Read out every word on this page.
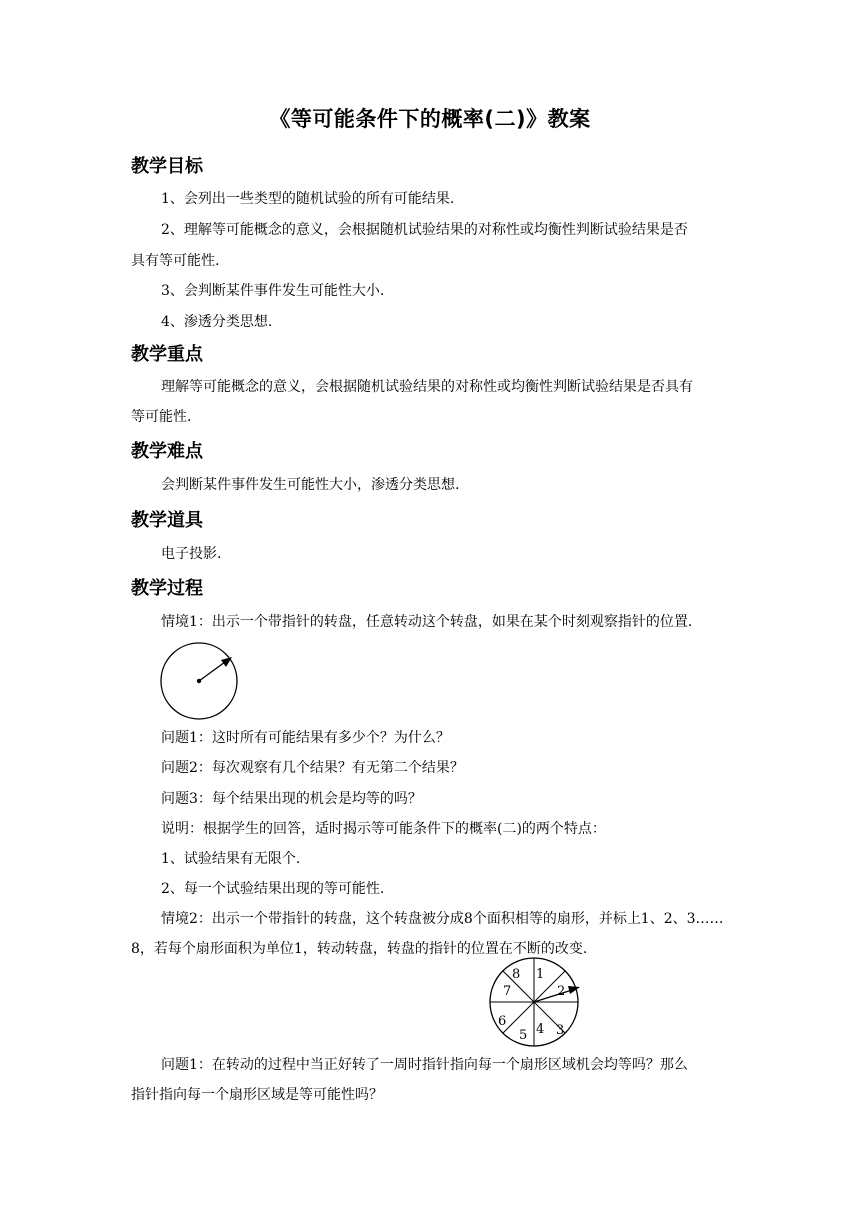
《等可能条件下的概率(二)》教案
教学目标
1、会列出一些类型的随机试验的所有可能结果.
2、理解等可能概念的意义，会根据随机试验结果的对称性或均衡性判断试验结果是否
具有等可能性.
3、会判断某件事件发生可能性大小.
4、渗透分类思想.
教学重点
理解等可能概念的意义，会根据随机试验结果的对称性或均衡性判断试验结果是否具有
等可能性.
教学难点
会判断某件事件发生可能性大小，渗透分类思想.
教学道具
电子投影.
教学过程
情境1：出示一个带指针的转盘，任意转动这个转盘，如果在某个时刻观察指针的位置.
问题1：这时所有可能结果有多少个？为什么？
问题2：每次观察有几个结果？有无第二个结果？
问题3：每个结果出现的机会是均等的吗？
说明：根据学生的回答，适时揭示等可能条件下的概率(二)的两个特点：
1、试验结果有无限个.
2、每一个试验结果出现的等可能性.
情境2：出示一个带指针的转盘，这个转盘被分成8个面积相等的扇形，并标上1、2、3……
8，若每个扇形面积为单位1，转动转盘，转盘的指针的位置在不断的改变.
1
2
3
4
5
6
7
8
问题1：在转动的过程中当正好转了一周时指针指向每一个扇形区域机会均等吗？那么
指针指向每一个扇形区域是等可能性吗？
